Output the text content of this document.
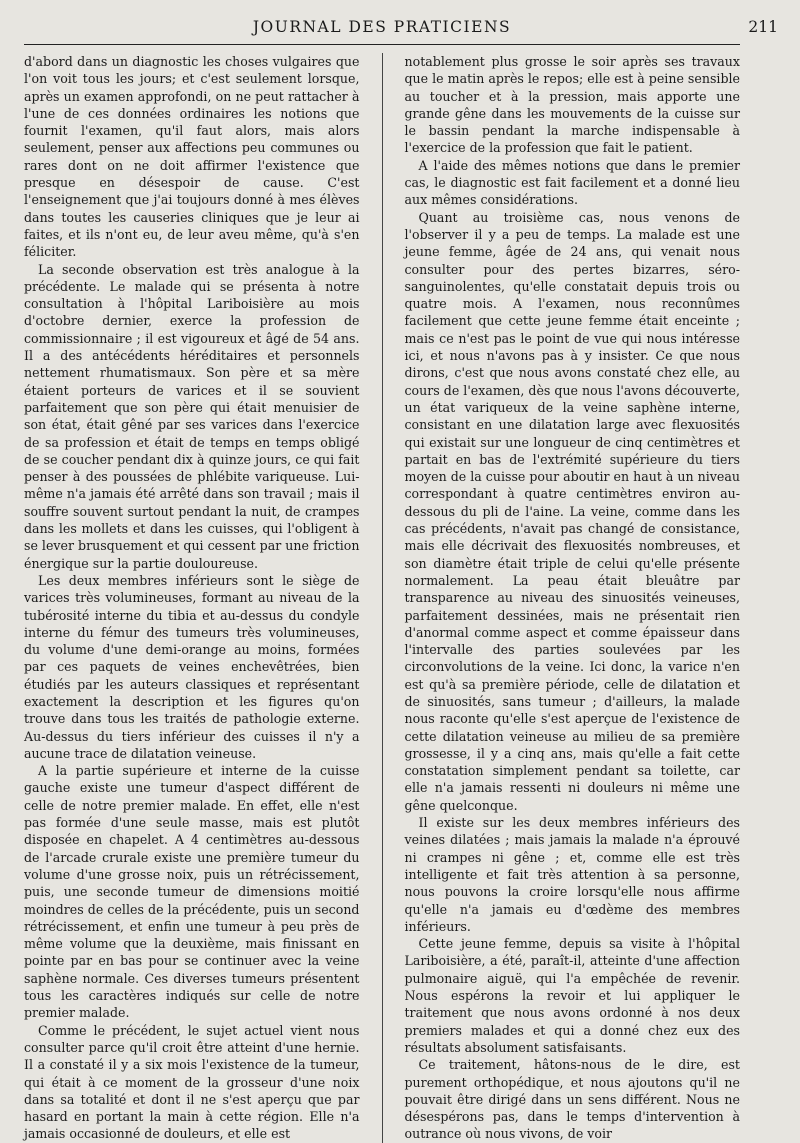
JOURNAL DES PRATICIENS	211

d'abord dans un diagnostic les choses vulgaires que l'on voit tous les jours; et c'est seulement lorsque, après un examen approfondi, on ne peut rattacher à l'une de ces données ordinaires les notions que fournit l'examen, qu'il faut alors, mais alors seulement, penser aux affections peu communes ou rares dont on ne doit affirmer l'existence que presque en désespoir de cause. C'est l'enseignement que j'ai toujours donné à mes élèves dans toutes les causeries cliniques que je leur ai faites, et ils n'ont eu, de leur aveu même, qu'à s'en féliciter.

La seconde observation est très analogue à la précédente. Le malade qui se présenta à notre consultation à l'hôpital Lariboisière au mois d'octobre dernier, exerce la profession de commissionnaire ; il est vigoureux et âgé de 54 ans. Il a des antécédents héréditaires et personnels nettement rhumatismaux. Son père et sa mère étaient porteurs de varices et il se souvient parfaitement que son père qui était menuisier de son état, était gêné par ses varices dans l'exercice de sa profession et était de temps en temps obligé de se coucher pendant dix à quinze jours, ce qui fait penser à des poussées de phlébite variqueuse. Lui-même n'a jamais été arrêté dans son travail ; mais il souffre souvent surtout pendant la nuit, de crampes dans les mollets et dans les cuisses, qui l'obligent à se lever brusquement et qui cessent par une friction énergique sur la partie douloureuse.

Les deux membres inférieurs sont le siège de varices très volumineuses, formant au niveau de la tubérosité interne du tibia et au-dessus du condyle interne du fémur des tumeurs très volumineuses, du volume d'une demi-orange au moins, formées par ces paquets de veines enchevêtrées, bien étudiés par les auteurs classiques et représentant exactement la description et les figures qu'on trouve dans tous les traités de pathologie externe. Au-dessus du tiers inférieur des cuisses il n'y a aucune trace de dilatation veineuse.

A la partie supérieure et interne de la cuisse gauche existe une tumeur d'aspect différent de celle de notre premier malade. En effet, elle n'est pas formée d'une seule masse, mais est plutôt disposée en chapelet. A 4 centimètres au-dessous de l'arcade crurale existe une première tumeur du volume d'une grosse noix, puis un rétrécissement, puis, une seconde tumeur de dimensions moitié moindres de celles de la précédente, puis un second rétrécissement, et enfin une tumeur à peu près de même volume que la deuxième, mais finissant en pointe par en bas pour se continuer avec la veine saphène normale. Ces diverses tumeurs présentent tous les caractères indiqués sur celle de notre premier malade.

Comme le précédent, le sujet actuel vient nous consulter parce qu'il croit être atteint d'une hernie. Il a constaté il y a six mois l'existence de la tumeur, qui était à ce moment de la grosseur d'une noix dans sa totalité et dont il ne s'est aperçu que par hasard en portant la main à cette région. Elle n'a jamais occasionné de douleurs, et elle est

notablement plus grosse le soir après ses travaux que le matin après le repos; elle est à peine sensible au toucher et à la pression, mais apporte une grande gêne dans les mouvements de la cuisse sur le bassin pendant la marche indispensable à l'exercice de la profession que fait le patient.

A l'aide des mêmes notions que dans le premier cas, le diagnostic est fait facilement et a donné lieu aux mêmes considérations.

Quant au troisième cas, nous venons de l'observer il y a peu de temps. La malade est une jeune femme, âgée de 24 ans, qui venait nous consulter pour des pertes bizarres, séro-sanguinolentes, qu'elle constatait depuis trois ou quatre mois. A l'examen, nous reconnûmes facilement que cette jeune femme était enceinte ; mais ce n'est pas le point de vue qui nous intéresse ici, et nous n'avons pas à y insister. Ce que nous dirons, c'est que nous avons constaté chez elle, au cours de l'examen, dès que nous l'avons découverte, un état variqueux de la veine saphène interne, consistant en une dilatation large avec flexuosités qui existait sur une longueur de cinq centimètres et partait en bas de l'extrémité supérieure du tiers moyen de la cuisse pour aboutir en haut à un niveau correspondant à quatre centimètres environ au-dessous du pli de l'aine. La veine, comme dans les cas précédents, n'avait pas changé de consistance, mais elle décrivait des flexuosités nombreuses, et son diamètre était triple de celui qu'elle présente normalement. La peau était bleuâtre par transparence au niveau des sinuosités veineuses, parfaitement dessinées, mais ne présentait rien d'anormal comme aspect et comme épaisseur dans l'intervalle des parties soulevées par les circonvolutions de la veine. Ici donc, la varice n'en est qu'à sa première période, celle de dilatation et de sinuosités, sans tumeur ; d'ailleurs, la malade nous raconte qu'elle s'est aperçue de l'existence de cette dilatation veineuse au milieu de sa première grossesse, il y a cinq ans, mais qu'elle a fait cette constatation simplement pendant sa toilette, car elle n'a jamais ressenti ni douleurs ni même une gêne quelconque.

Il existe sur les deux membres inférieurs des veines dilatées ; mais jamais la malade n'a éprouvé ni crampes ni gêne ; et, comme elle est très intelligente et fait très attention à sa personne, nous pouvons la croire lorsqu'elle nous affirme qu'elle n'a jamais eu d'œdème des membres inférieurs.

Cette jeune femme, depuis sa visite à l'hôpital Lariboisière, a été, paraît-il, atteinte d'une affection pulmonaire aiguë, qui l'a empêchée de revenir. Nous espérons la revoir et lui appliquer le traitement que nous avons ordonné à nos deux premiers malades et qui a donné chez eux des résultats absolument satisfaisants.

Ce traitement, hâtons-nous de le dire, est purement orthopédique, et nous ajoutons qu'il ne pouvait être dirigé dans un sens différent. Nous ne désespérons pas, dans le temps d'intervention à outrance où nous vivons, de voir
